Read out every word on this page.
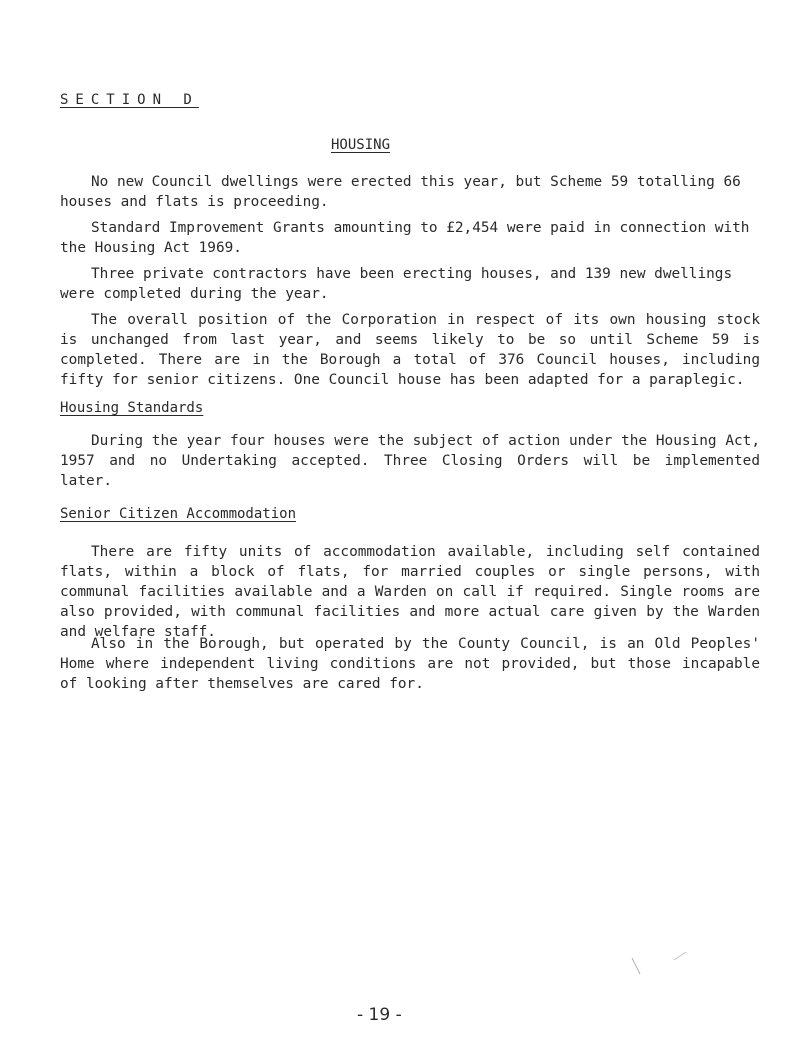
SECTION D
HOUSING

No new Council dwellings were erected this year, but Scheme 59 totalling 66 houses and flats is proceeding.

Standard Improvement Grants amounting to £2,454 were paid in connection with the Housing Act 1969.

Three private contractors have been erecting houses, and 139 new dwellings were completed during the year.

The overall position of the Corporation in respect of its own housing stock is unchanged from last year, and seems likely to be so until Scheme 59 is completed. There are in the Borough a total of 376 Council houses, including fifty for senior citizens. One Council house has been adapted for a paraplegic.

Housing Standards

During the year four houses were the subject of action under the Housing Act, 1957 and no Undertaking accepted. Three Closing Orders will be implemented later.

Senior Citizen Accommodation

There are fifty units of accommodation available, including self contained flats, within a block of flats, for married couples or single persons, with communal facilities available and a Warden on call if required. Single rooms are also provided, with communal facilities and more actual care given by the Warden and welfare staff.

Also in the Borough, but operated by the County Council, is an Old Peoples' Home where independent living conditions are not provided, but those incapable of looking after themselves are cared for.

- 19 -
